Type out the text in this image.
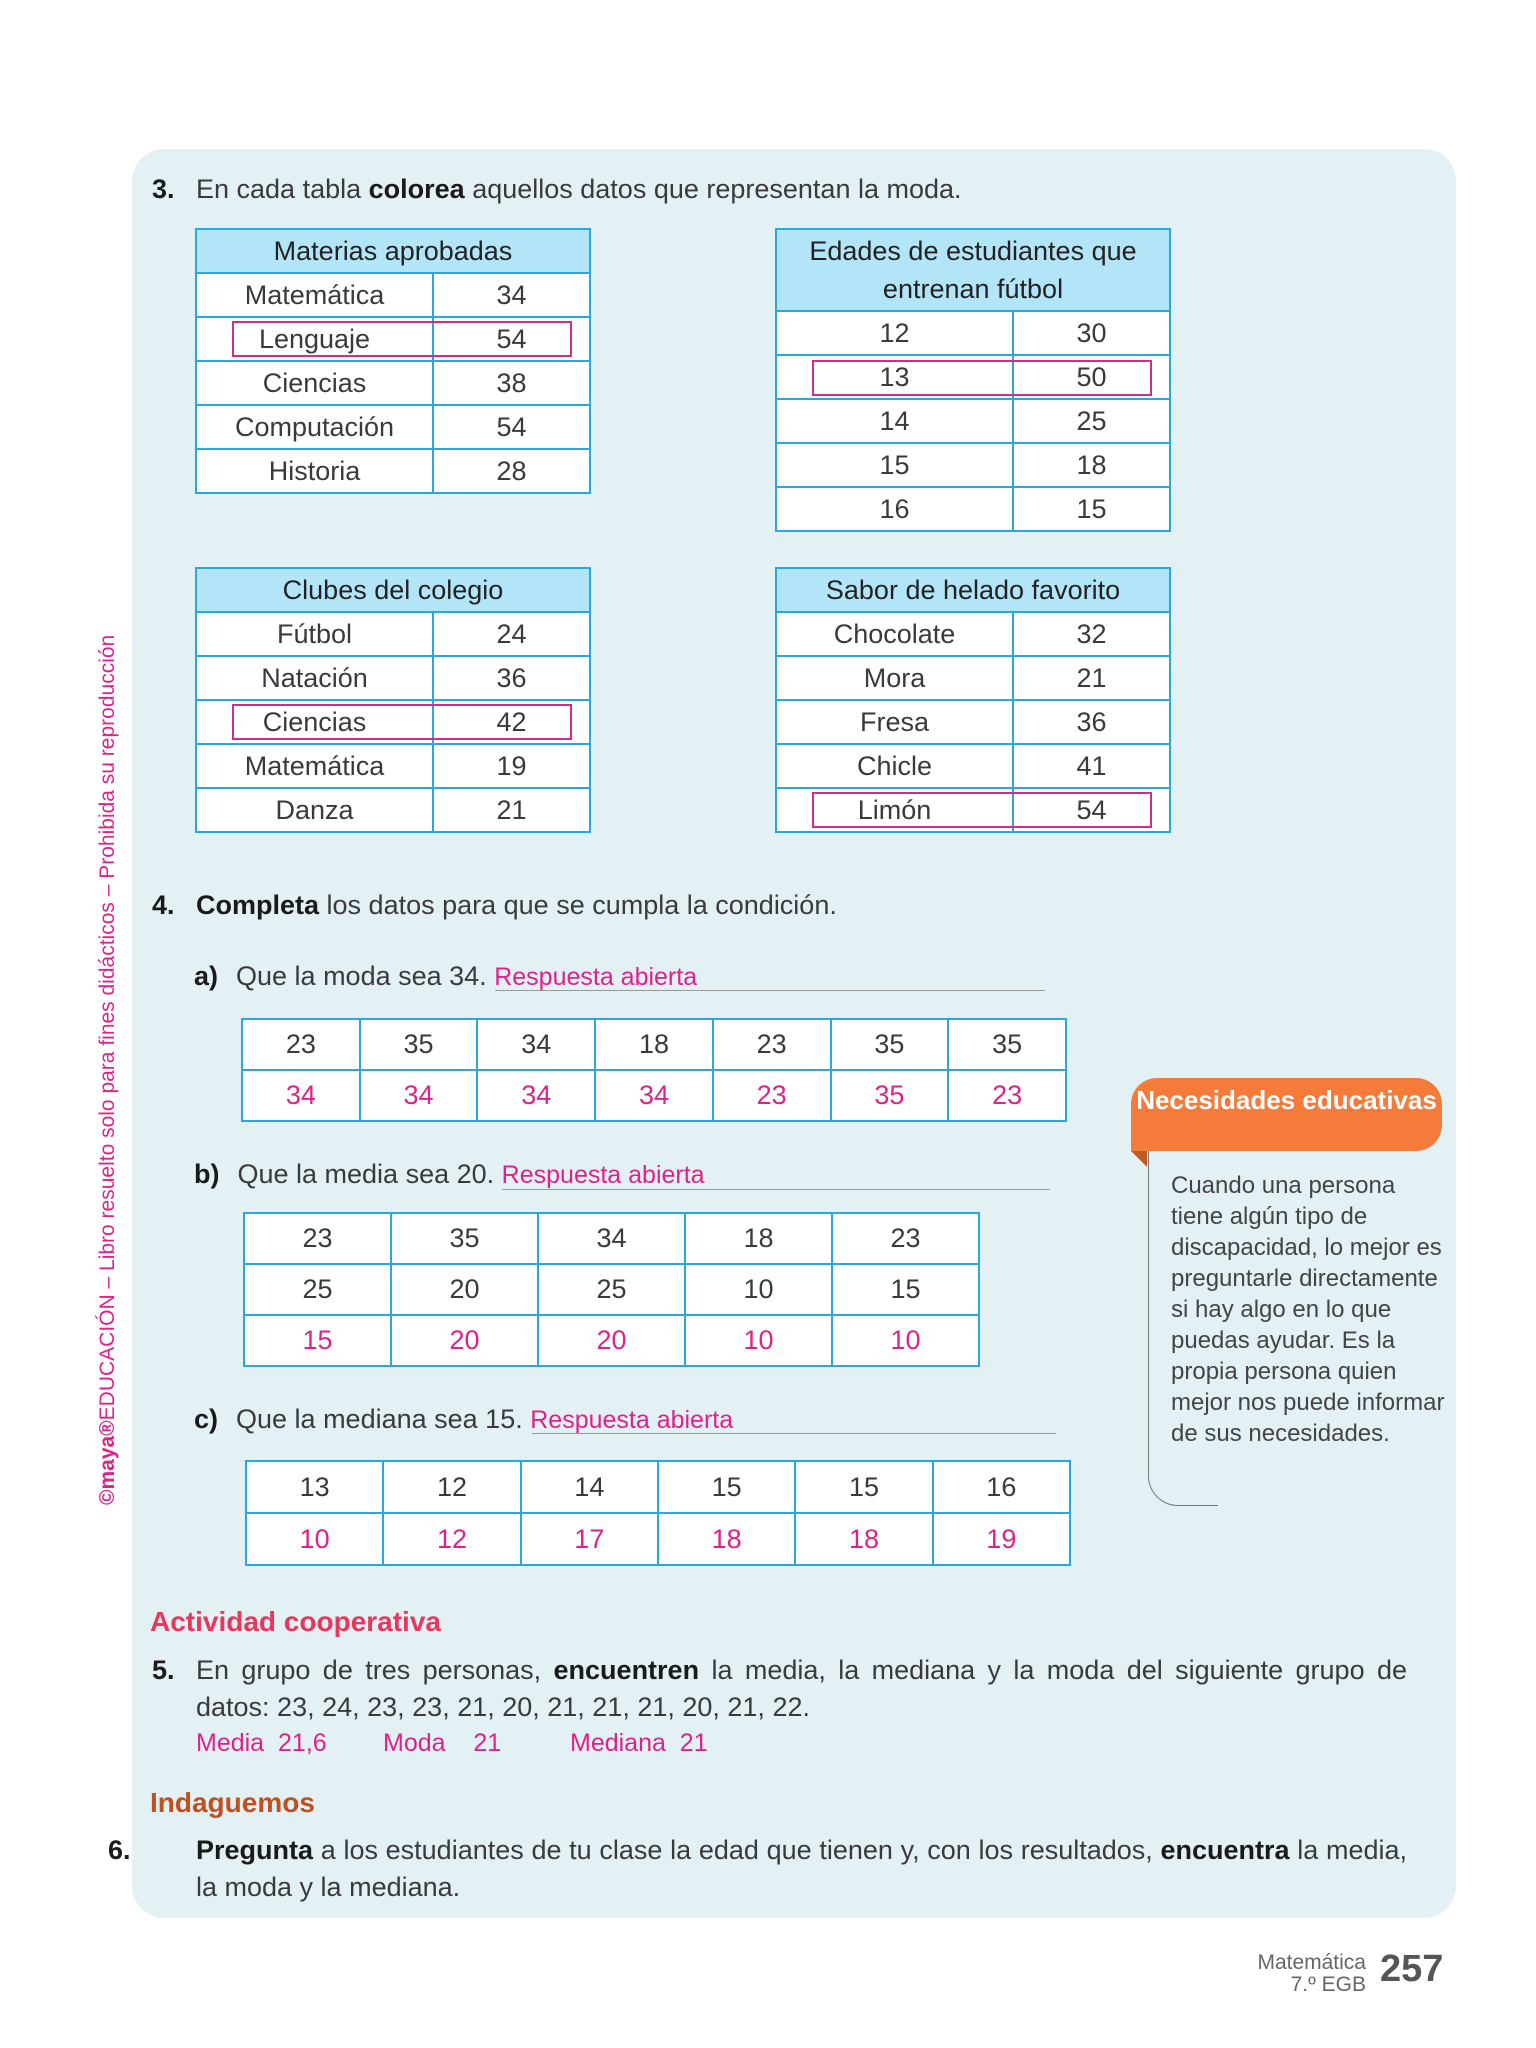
©maya®EDUCACIÓN – Libro resuelto solo para fines didácticos – Prohibida su reproducción
3. En cada tabla colorea aquellos datos que representan la moda.
Materias aprobadas	
Matemática	34
Lenguaje	54
Ciencias	38
Computación	54
Historia	28
Edades de estudiantes que entrenan fútbol	
12	30
13	50
14	25
15	18
16	15
Clubes del colegio	
Fútbol	24
Natación	36
Ciencias	42
Matemática	19
Danza	21
Sabor de helado favorito	
Chocolate	32
Mora	21
Fresa	36
Chicle	41
Limón	54
4. Completa los datos para que se cumpla la condición.
a) Que la moda sea 34. Respuesta abierta
b) Que la media sea 20. Respuesta abierta
c) Que la mediana sea 15. Respuesta abierta
23	35	34	18	23	35	35
34	34	34	34	23	35	23
23	35	34	18	23
25	20	25	10	15
15	20	20	10	10
13	12	14	15	15	16
10	12	17	18	18	19
Necesidades educativas
Cuando una persona tiene algún tipo de discapacidad, lo mejor es preguntarle directamente si hay algo en lo que puedas ayudar. Es la propia persona quien mejor nos puede informar de sus necesidades.
Actividad cooperativa
5. En grupo de tres personas, encuentren la media, la mediana y la moda del siguiente grupo de datos: 23, 24, 23, 23, 21, 20, 21, 21, 21, 20, 21, 22.
Media  21,6 Moda    21	Mediana  21
Indaguemos
6. Pregunta a los estudiantes de tu clase la edad que tienen y, con los resultados, encuentra la media, la moda y la mediana.
Matemática
7.º EGB 257
